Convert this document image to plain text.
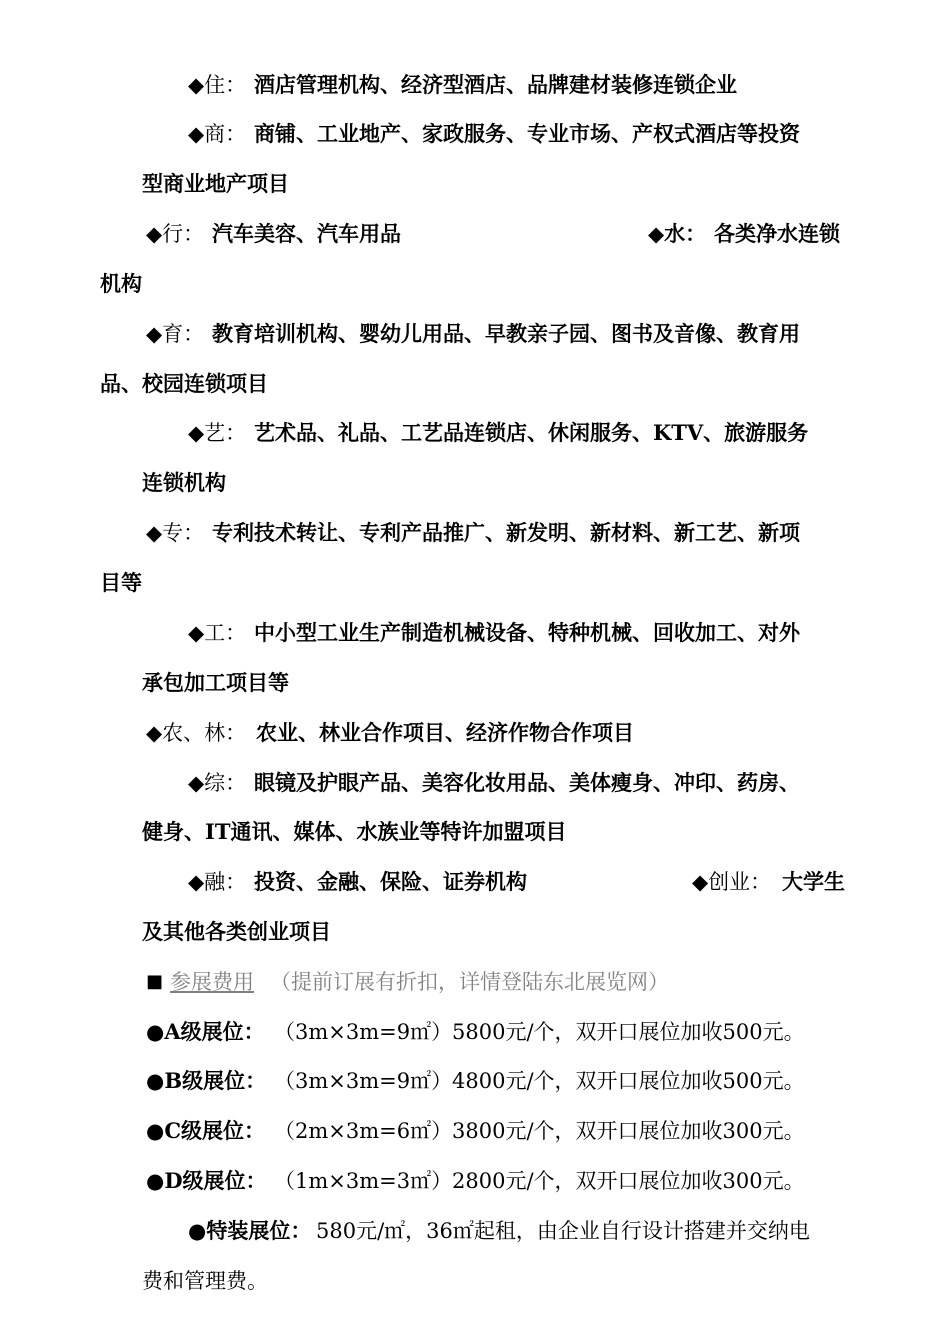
◆住： 酒店管理机构、经济型酒店、品牌建材装修连锁企业
◆商： 商铺、工业地产、家政服务、专业市场、产权式酒店等投资
型商业地产项目
◆行： 汽车美容、汽车用品	◆水： 各类净水连锁
机构
◆育： 教育培训机构、婴幼儿用品、早教亲子园、图书及音像、教育用
品、校园连锁项目
◆艺： 艺术品、礼品、工艺品连锁店、休闲服务、KTV、旅游服务
连锁机构
◆专： 专利技术转让、专利产品推广、新发明、新材料、新工艺、新项
目等
◆工： 中小型工业生产制造机械设备、特种机械、回收加工、对外
承包加工项目等
◆农、林： 农业、林业合作项目、经济作物合作项目
◆综： 眼镜及护眼产品、美容化妆用品、美体瘦身、冲印、药房、
健身、IT通讯、媒体、水族业等特许加盟项目
◆融： 投资、金融、保险、证券机构	◆创业： 大学生
及其他各类创业项目
■ 参展费用 （提前订展有折扣，详情登陆东北展览网）
●A级展位： （3m×3m=9㎡） 5800元/个，双开口展位加收500元。
●B级展位： （3m×3m=9㎡） 4800元/个，双开口展位加收500元。
●C级展位： （2m×3m=6㎡） 3800元/个，双开口展位加收300元。
●D级展位： （1m×3m=3㎡） 2800元/个，双开口展位加收300元。
●特装展位： 580元/㎡，36㎡起租，由企业自行设计搭建并交纳电
费和管理费。
